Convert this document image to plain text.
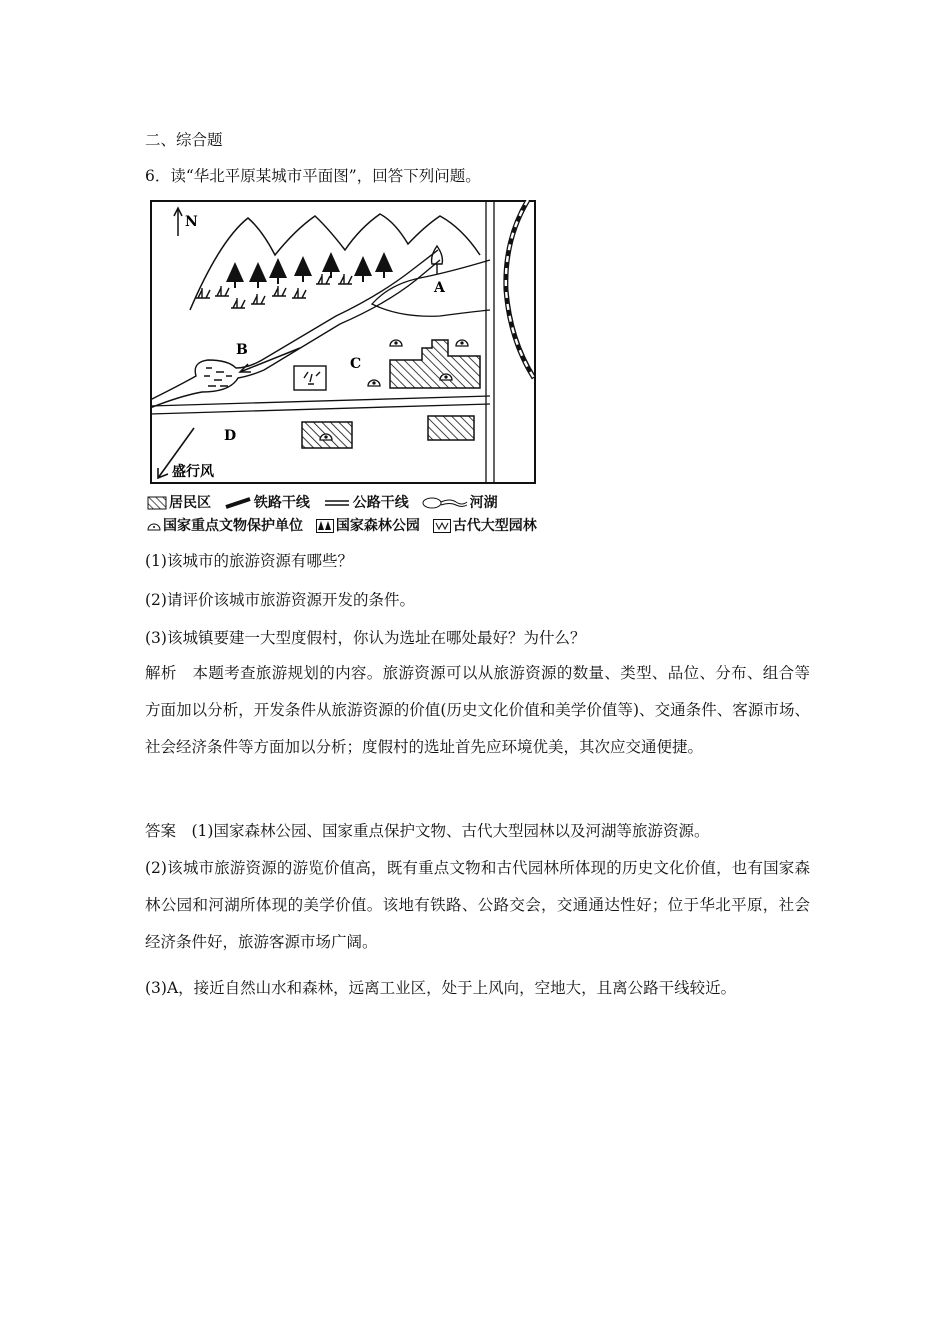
二、综合题
6．读“华北平原某城市平面图”，回答下列问题。
N
A
B
C
D
盛行风
居民区	铁路干线	公路干线	河湖
国家重点文物保护单位 国家森林公园 古代大型园林
(1)该城市的旅游资源有哪些？
(2)请评价该城市旅游资源开发的条件。
(3)该城镇要建一大型度假村，你认为选址在哪处最好？为什么？
解析　本题考查旅游规划的内容。旅游资源可以从旅游资源的数量、类型、品位、分布、组合等方面加以分析，开发条件从旅游资源的价值(历史文化价值和美学价值等)、交通条件、客源市场、社会经济条件等方面加以分析；度假村的选址首先应环境优美，其次应交通便捷。
答案　(1)国家森林公园、国家重点保护文物、古代大型园林以及河湖等旅游资源。
(2)该城市旅游资源的游览价值高，既有重点文物和古代园林所体现的历史文化价值，也有国家森林公园和河湖所体现的美学价值。该地有铁路、公路交会，交通通达性好；位于华北平原，社会经济条件好，旅游客源市场广阔。
(3)A，接近自然山水和森林，远离工业区，处于上风向，空地大，且离公路干线较近。
